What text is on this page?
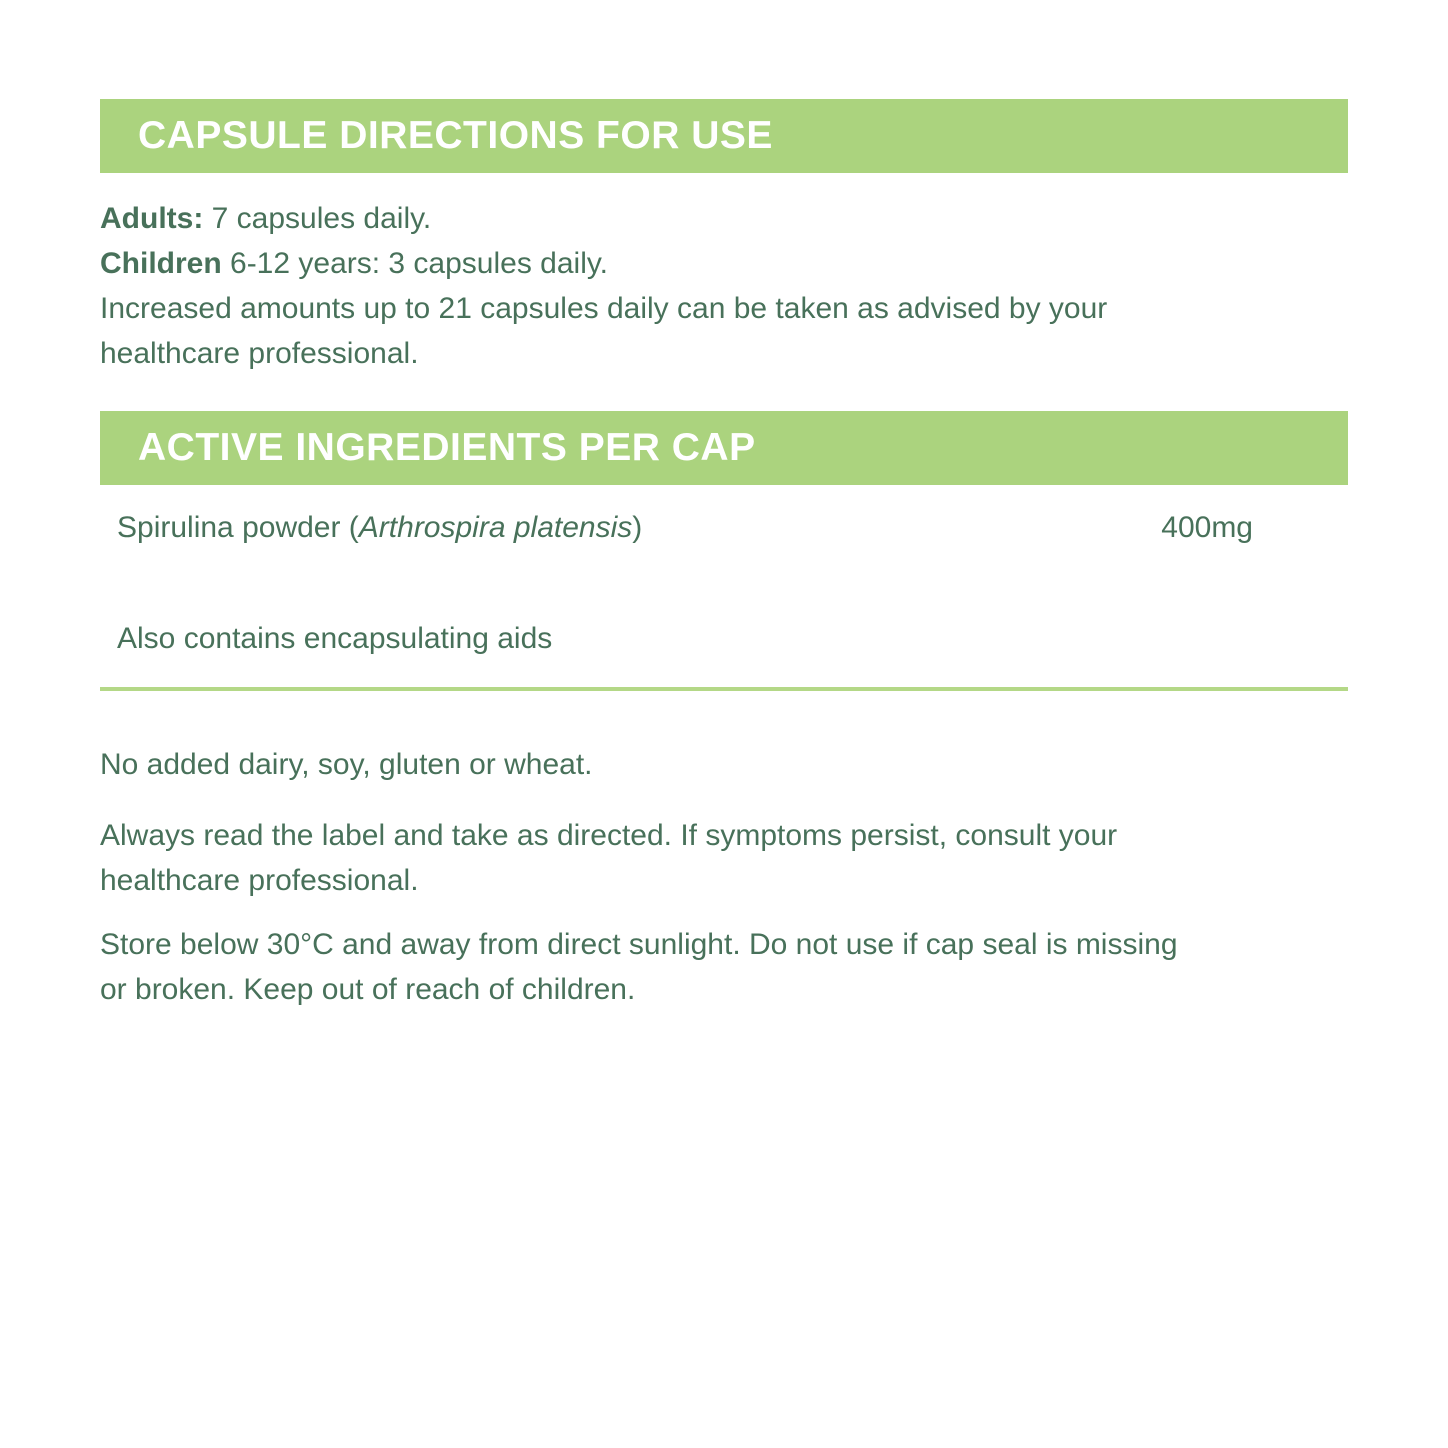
CAPSULE DIRECTIONS FOR USE
Adults: 7 capsules daily.
Children 6-12 years: 3 capsules daily.
Increased amounts up to 21 capsules daily can be taken as advised by your
healthcare professional.
ACTIVE INGREDIENTS PER CAP
Spirulina powder (Arthrospira platensis)	400mg
Also contains encapsulating aids
No added dairy, soy, gluten or wheat.
Always read the label and take as directed. If symptoms persist, consult your
healthcare professional.
Store below 30°C and away from direct sunlight. Do not use if cap seal is missing
or broken. Keep out of reach of children.
